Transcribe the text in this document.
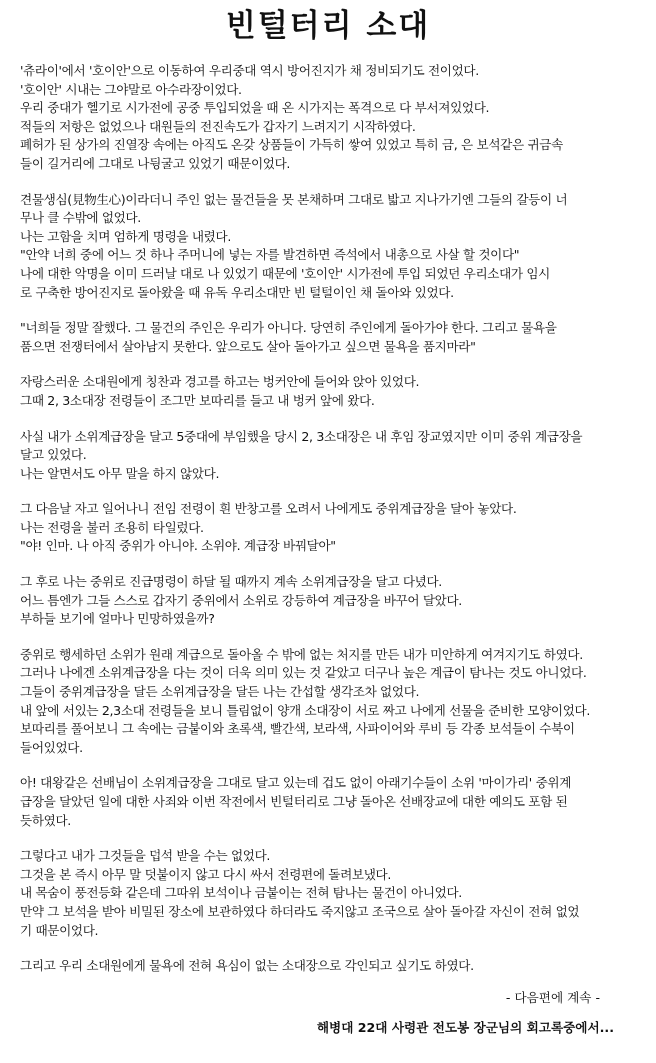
빈털터리 소대
'츄라이'에서 '호이안'으로 이동하여 우리중대 역시 방어진지가 채 정비되기도 전이었다.
'호이안' 시내는 그야말로 아수라장이었다.
우리 중대가 헬기로 시가전에 공중 투입되었을 때 온 시가지는 폭격으로 다 부서져있었다.
적들의 저항은 없었으나 대원들의 전진속도가 갑자기 느려지기 시작하였다.
폐허가 된 상가의 진열장 속에는 아직도 온갖 상품들이 가득히 쌓여 있었고 특히 금, 은 보석같은 귀금속
들이 길거리에 그대로 나뒹굴고 있었기 때문이었다.
견물생심(見物生心)이라더니 주인 없는 물건들을 못 본채하며 그대로 밟고 지나가기엔 그들의 갈등이 너
무나 클 수밖에 없었다.
나는 고함을 치며 엄하게 명령을 내렸다.
"안약 너희 중에 어느 것 하나 주머니에 넣는 자를 발견하면 즉석에서 내총으로 사살 할 것이다"
나에 대한 악명을 이미 드러날 대로 나 있었기 때문에 '호이안' 시가전에 투입 되었던 우리소대가 임시
로 구축한 방어진지로 돌아왔을 때 유독 우리소대만 빈 털털이인 채 돌아와 있었다.
"너희들 정말 잘했다. 그 물건의 주인은 우리가 아니다. 당연히 주인에게 돌아가야 한다. 그리고 물욕을
품으면 전쟁터에서 살아남지 못한다. 앞으로도 살아 돌아가고 싶으면 물욕을 품지마라"
자랑스러운 소대원에게 칭찬과 경고를 하고는 벙커안에 들어와 앉아 있었다.
그때 2, 3소대장 전령들이 조그만 보따리를 들고 내 벙커 앞에 왔다.
사실 내가 소위계급장을 달고 5중대에 부임했을 당시 2, 3소대장은 내 후임 장교였지만 이미 중위 계급장을
달고 있었다.
나는 알면서도 아무 말을 하지 않았다.
그 다음날 자고 일어나니 전임 전령이 흰 반창고를 오려서 나에게도 중위계급장을 달아 놓았다.
나는 전령을 불러 조용히 타일렀다.
"야! 인마. 나 아직 중위가 아니야. 소위야. 계급장 바꿔달아"
그 후로 나는 중위로 진급명령이 하달 될 때까지 계속 소위계급장을 달고 다녔다.
어느 틈엔가 그들 스스로 갑자기 중위에서 소위로 강등하여 계급장을 바꾸어 달았다.
부하들 보기에 얼마나 민망하였을까?
중위로 행세하던 소위가 원래 계급으로 돌아올 수 밖에 없는 처지를 만든 내가 미안하게 여겨지기도 하였다.
그러나 나에겐 소위계급장을 다는 것이 더욱 의미 있는 것 같았고 더구나 높은 계급이 탐나는 것도 아니었다.
그들이 중위계급장을 달든 소위계급장을 달든 나는 간섭할 생각조차 없었다.
내 앞에 서있는 2,3소대 전령들을 보니 틀림없이 양개 소대장이 서로 짜고 나에게 선물을 준비한 모양이었다.
보따리를 풀어보니 그 속에는 금붙이와 초록색, 빨간색, 보라색, 사파이어와 루비 등 각종 보석들이 수북이
들어있었다.
아! 대왕같은 선배님이 소위계급장을 그대로 달고 있는데 겁도 없이 아래기수들이 소위 '마이가리' 중위계
급장을 달았던 일에 대한 사죄와 이번 작전에서 빈털터리로 그냥 돌아온 선배장교에 대한 예의도 포함 된
듯하였다.
그렇다고 내가 그것들을 덥석 받을 수는 없었다.
그것을 본 즉시 아무 말 덧붙이지 않고 다시 싸서 전령편에 돌려보냈다.
내 목숨이 풍전등화 같은데 그따위 보석이나 금붙이는 전혀 탐나는 물건이 아니었다.
만약 그 보석을 받아 비밀된 장소에 보관하였다 하더라도 죽지않고 조국으로 살아 돌아갈 자신이 전혀 없었
기 때문이었다.
그리고 우리 소대원에게 물욕에 전혀 욕심이 없는 소대장으로 각인되고 싶기도 하였다.
- 다음편에 계속 -
해병대 22대 사령관 전도봉 장군님의 회고록중에서...
